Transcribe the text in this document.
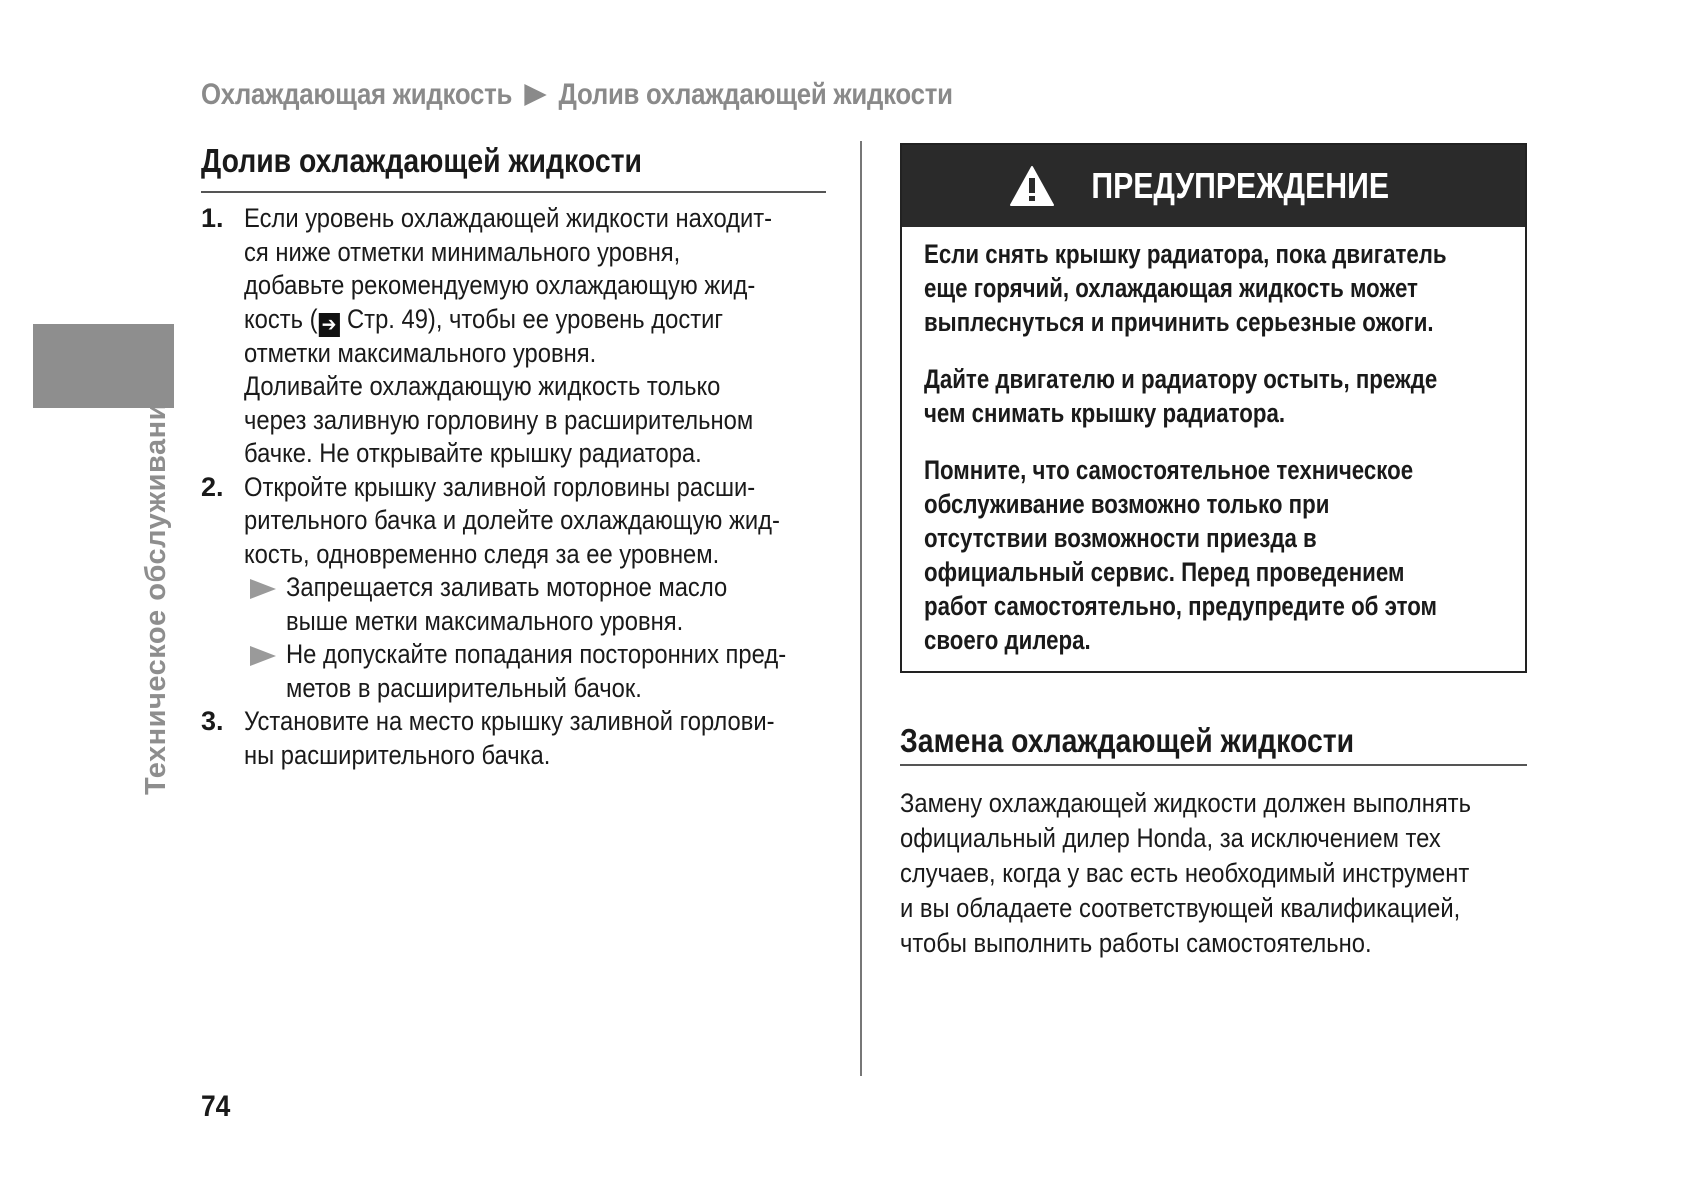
Охлаждающая жидкость Долив охлаждающей жидкости
Техническое обслуживание
Долив охлаждающей жидкости
1. Если уровень охлаждающей жидкости находит-
ся ниже отметки минимального уровня,
добавьте рекомендуемую охлаждающую жид-
кость ( ➔ Стр. 49), чтобы ее уровень достиг
отметки максимального уровня.
Доливайте охлаждающую жидкость только
через заливную горловину в расширительном
бачке. Не открывайте крышку радиатора.
2. Откройте крышку заливной горловины расши-
рительного бачка и долейте охлаждающую жид-
кость, одновременно следя за ее уровнем.
Запрещается заливать моторное масло
выше метки максимального уровня.
Не допускайте попадания посторонних пред-
метов в расширительный бачок.
3. Установите на место крышку заливной горлови-
ны расширительного бачка.
ПРЕДУПРЕЖДЕНИЕ

Если снять крышку радиатора, пока двигатель
еще горячий, охлаждающая жидкость может
выплеснуться и причинить серьезные ожоги.

Дайте двигателю и радиатору остыть, прежде
чем снимать крышку радиатора.

Помните, что самостоятельное техническое
обслуживание возможно только при
отсутствии возможности приезда в
официальный сервис. Перед проведением
работ самостоятельно, предупредите об этом
своего дилера.

Замена охлаждающей жидкости
Замену охлаждающей жидкости должен выполнять
официальный дилер Honda, за исключением тех
случаев, когда у вас есть необходимый инструмент
и вы обладаете соответствующей квалификацией,
чтобы выполнить работы самостоятельно.
74
